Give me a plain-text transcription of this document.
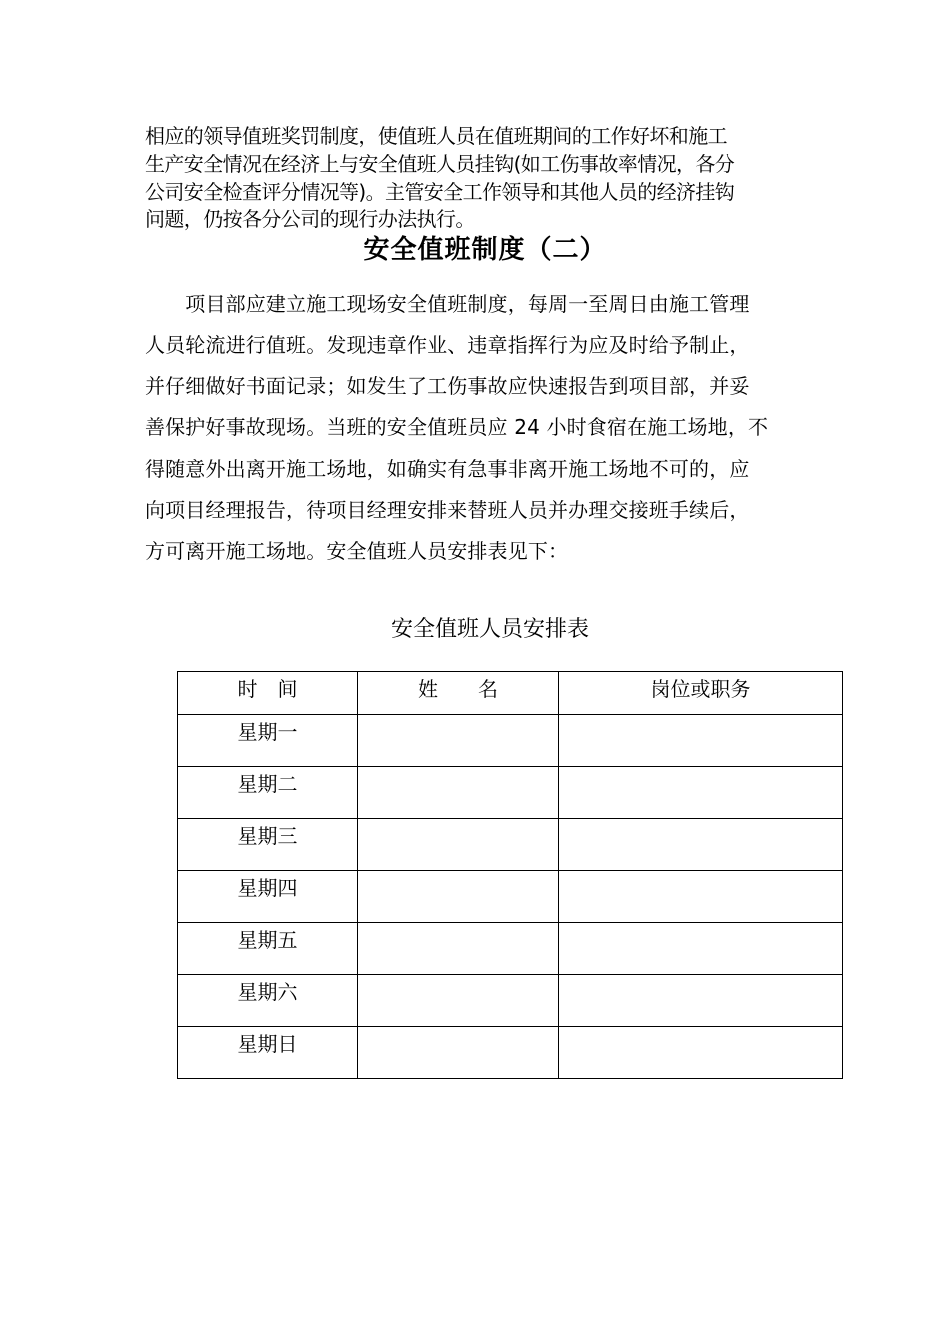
相应的领导值班奖罚制度，使值班人员在值班期间的工作好坏和施工
生产安全情况在经济上与安全值班人员挂钩(如工伤事故率情况，各分
公司安全检查评分情况等)。主管安全工作领导和其他人员的经济挂钩
问题，仍按各分公司的现行办法执行。
安全值班制度（二）
　　项目部应建立施工现场安全值班制度，每周一至周日由施工管理
人员轮流进行值班。发现违章作业、违章指挥行为应及时给予制止，
并仔细做好书面记录；如发生了工伤事故应快速报告到项目部，并妥
善保护好事故现场。当班的安全值班员应 24 小时食宿在施工场地，不
得随意外出离开施工场地，如确实有急事非离开施工场地不可的，应
向项目经理报告，待项目经理安排来替班人员并办理交接班手续后，
方可离开施工场地。安全值班人员安排表见下：
安全值班人员安排表
时　间	姓　　名	岗位或职务
星期一		
星期二		
星期三		
星期四		
星期五		
星期六		
星期日		
